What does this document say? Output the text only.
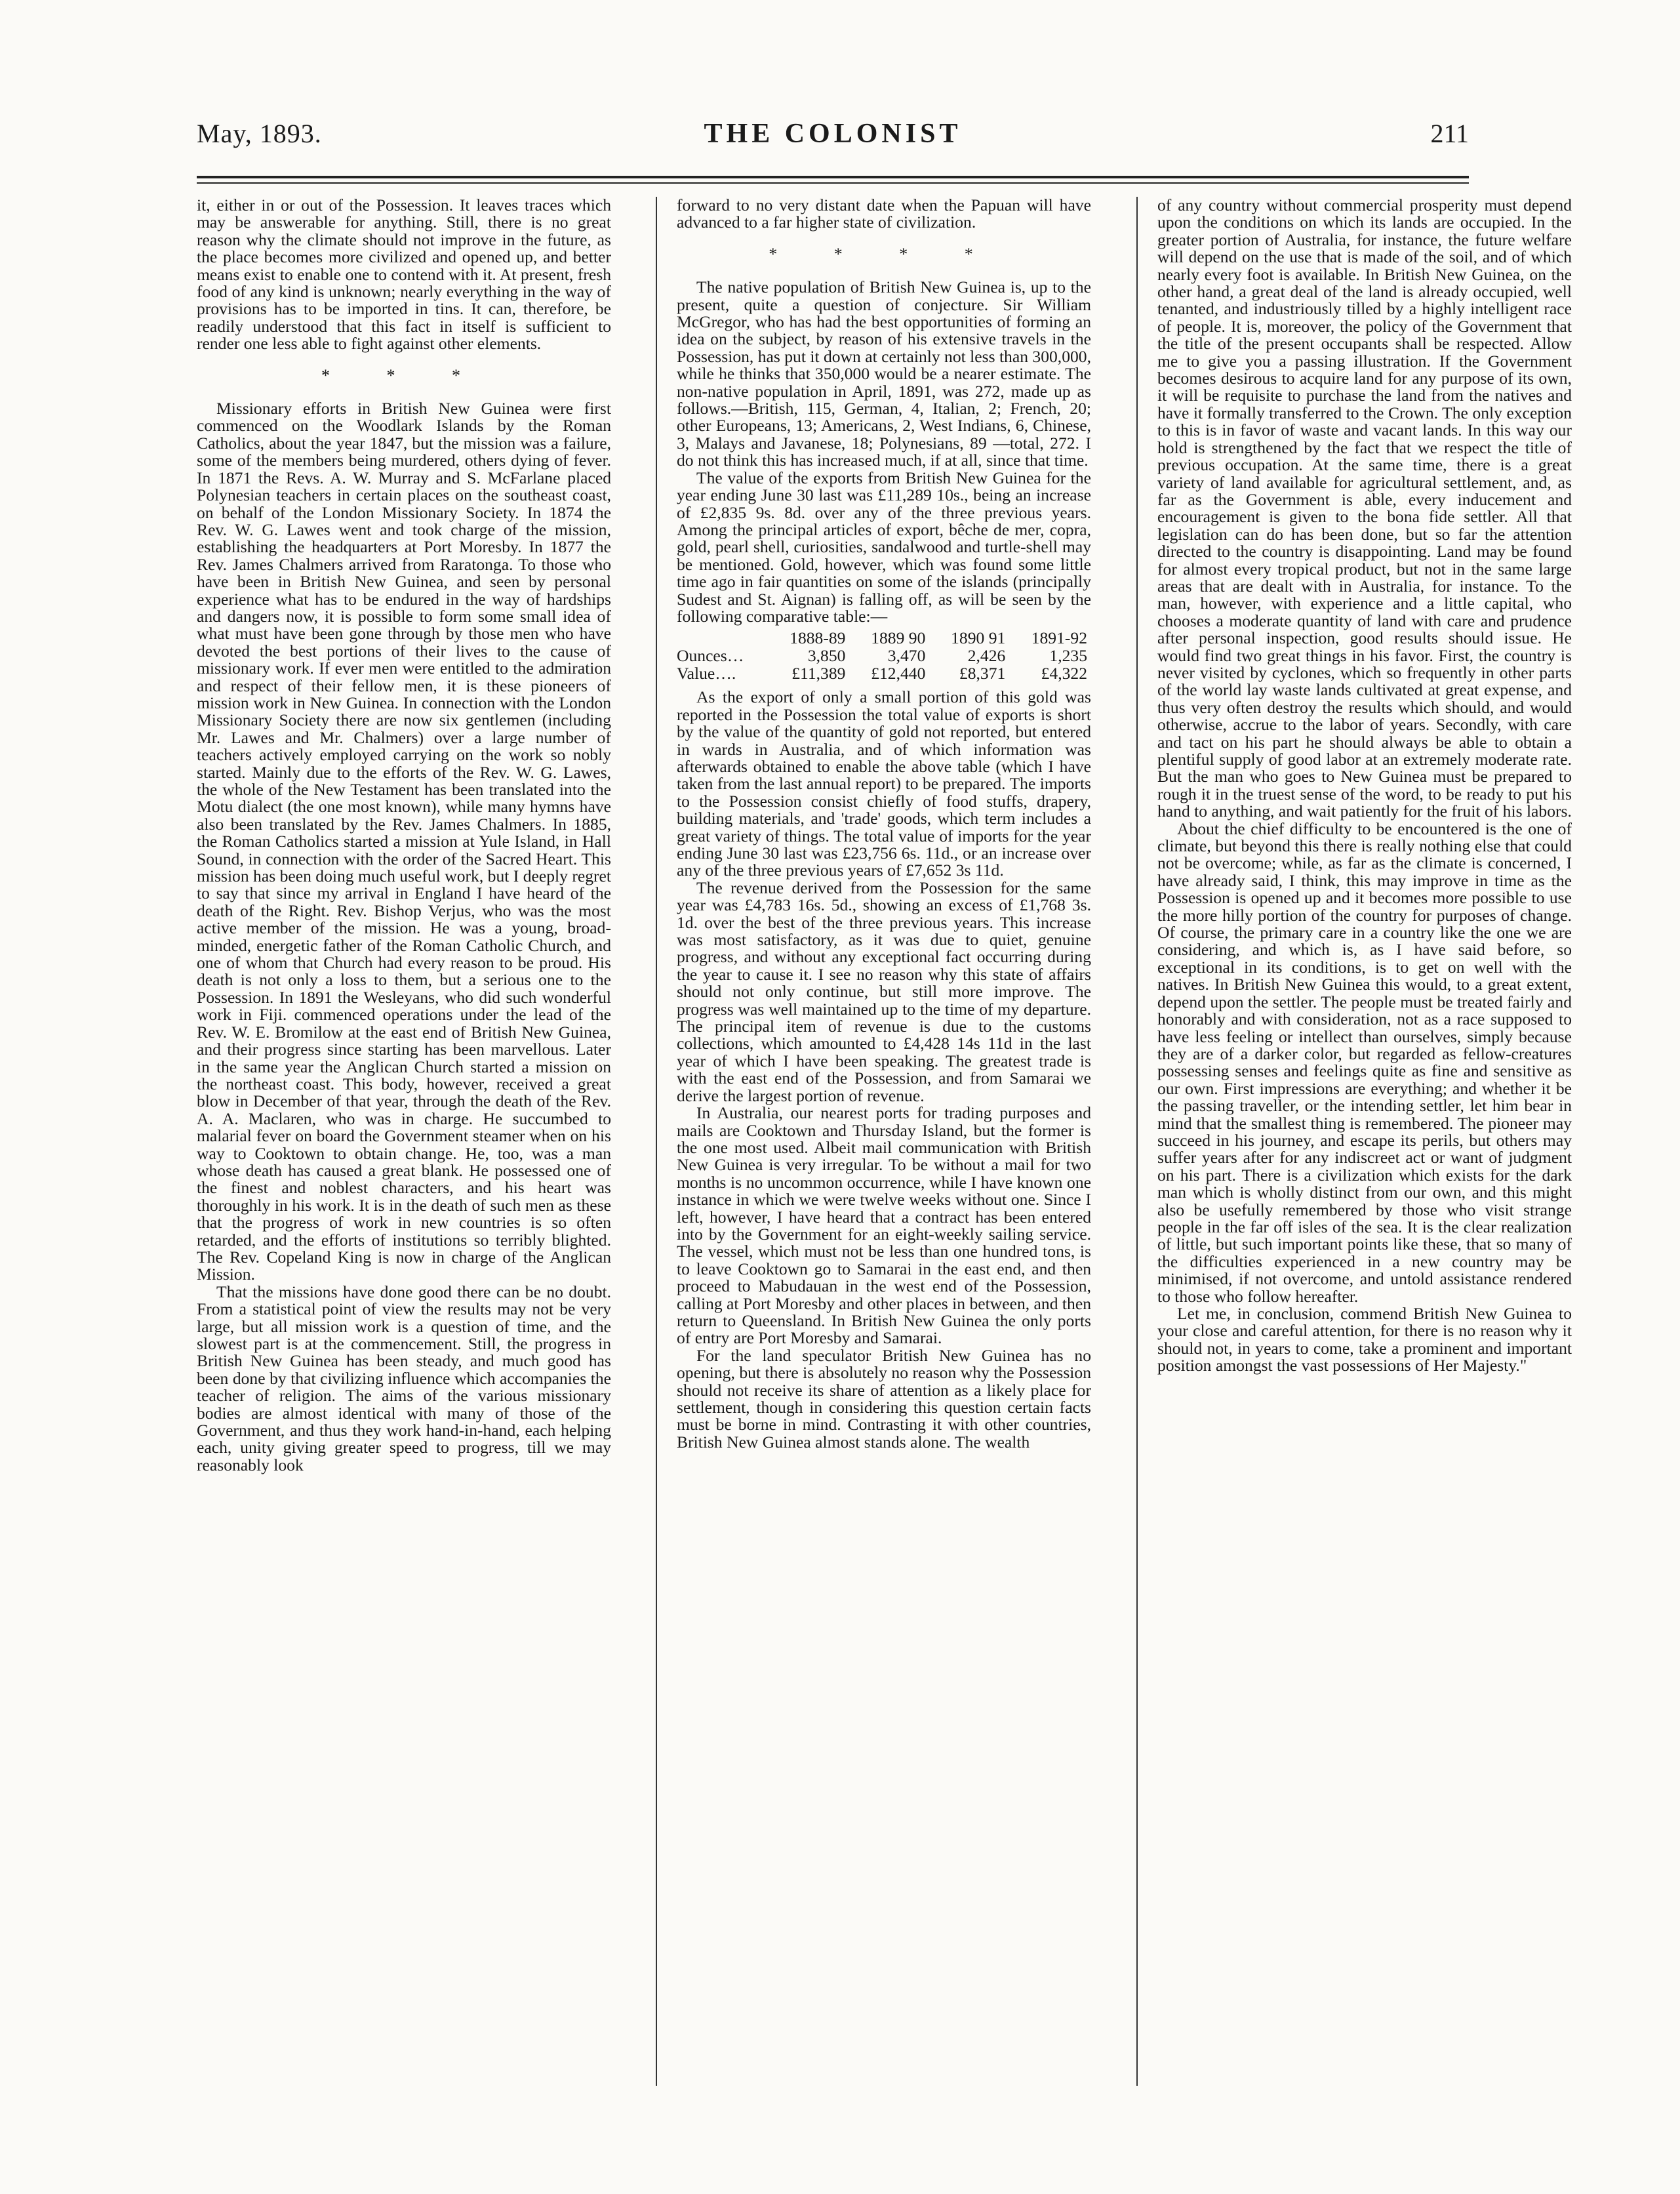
May, 1893.	THE COLONIST	211

it, either in or out of the Possession. It leaves traces which may be answerable for anything. Still, there is no great reason why the climate should not improve in the future, as the place becomes more civilized and opened up, and better means exist to enable one to contend with it. At present, fresh food of any kind is unknown; nearly everything in the way of provisions has to be imported in tins. It can, therefore, be readily understood that this fact in itself is sufficient to render one less able to fight against other elements.

* * *

Missionary efforts in British New Guinea were first commenced on the Woodlark Islands by the Roman Catholics, about the year 1847, but the mission was a failure, some of the members being murdered, others dying of fever. In 1871 the Revs. A. W. Murray and S. McFarlane placed Polynesian teachers in certain places on the southeast coast, on behalf of the London Missionary Society. In 1874 the Rev. W. G. Lawes went and took charge of the mission, establishing the headquarters at Port Moresby. In 1877 the Rev. James Chalmers arrived from Raratonga. To those who have been in British New Guinea, and seen by personal experience what has to be endured in the way of hardships and dangers now, it is possible to form some small idea of what must have been gone through by those men who have devoted the best portions of their lives to the cause of missionary work. If ever men were entitled to the admiration and respect of their fellow men, it is these pioneers of mission work in New Guinea. In connection with the London Missionary Society there are now six gentlemen (including Mr. Lawes and Mr. Chalmers) over a large number of teachers actively employed carrying on the work so nobly started. Mainly due to the efforts of the Rev. W. G. Lawes, the whole of the New Testament has been translated into the Motu dialect (the one most known), while many hymns have also been translated by the Rev. James Chalmers. In 1885, the Roman Catholics started a mission at Yule Island, in Hall Sound, in connection with the order of the Sacred Heart. This mission has been doing much useful work, but I deeply regret to say that since my arrival in England I have heard of the death of the Right. Rev. Bishop Verjus, who was the most active member of the mission. He was a young, broad-minded, energetic father of the Roman Catholic Church, and one of whom that Church had every reason to be proud. His death is not only a loss to them, but a serious one to the Possession. In 1891 the Wesleyans, who did such wonderful work in Fiji. commenced operations under the lead of the Rev. W. E. Bromilow at the east end of British New Guinea, and their progress since starting has been marvellous. Later in the same year the Anglican Church started a mission on the northeast coast. This body, however, received a great blow in December of that year, through the death of the Rev. A. A. Maclaren, who was in charge. He succumbed to malarial fever on board the Government steamer when on his way to Cooktown to obtain change. He, too, was a man whose death has caused a great blank. He possessed one of the finest and noblest characters, and his heart was thoroughly in his work. It is in the death of such men as these that the progress of work in new countries is so often retarded, and the efforts of institutions so terribly blighted. The Rev. Copeland King is now in charge of the Anglican Mission.

That the missions have done good there can be no doubt. From a statistical point of view the results may not be very large, but all mission work is a question of time, and the slowest part is at the commencement. Still, the progress in British New Guinea has been steady, and much good has been done by that civilizing influence which accompanies the teacher of religion. The aims of the various missionary bodies are almost identical with many of those of the Government, and thus they work hand-in-hand, each helping each, unity giving greater speed to progress, till we may reasonably look

forward to no very distant date when the Papuan will have advanced to a far higher state of civilization.

* * * *

The native population of British New Guinea is, up to the present, quite a question of conjecture. Sir William McGregor, who has had the best opportunities of forming an idea on the subject, by reason of his extensive travels in the Possession, has put it down at certainly not less than 300,000, while he thinks that 350,000 would be a nearer estimate. The non-native population in April, 1891, was 272, made up as follows.—British, 115, German, 4, Italian, 2; French, 20; other Europeans, 13; Americans, 2, West Indians, 6, Chinese, 3, Malays and Javanese, 18; Polynesians, 89 —total, 272. I do not think this has increased much, if at all, since that time.

The value of the exports from British New Guinea for the year ending June 30 last was £11,289 10s., being an increase of £2,835 9s. 8d. over any of the three previous years. Among the principal articles of export, bêche de mer, copra, gold, pearl shell, curiosities, sandalwood and turtle-shell may be mentioned. Gold, however, which was found some little time ago in fair quantities on some of the islands (principally Sudest and St. Aignan) is falling off, as will be seen by the following comparative table:—

	1888-89	1889 90	1890 91	1891-92
Ounces…	3,850	3,470	2,426	1,235
Value….	£11,389	£12,440	£8,371	£4,322

As the export of only a small portion of this gold was reported in the Possession the total value of exports is short by the value of the quantity of gold not reported, but entered in wards in Australia, and of which information was afterwards obtained to enable the above table (which I have taken from the last annual report) to be prepared. The imports to the Possession consist chiefly of food stuffs, drapery, building materials, and 'trade' goods, which term includes a great variety of things. The total value of imports for the year ending June 30 last was £23,756 6s. 11d., or an increase over any of the three previous years of £7,652 3s 11d.

The revenue derived from the Possession for the same year was £4,783 16s. 5d., showing an excess of £1,768 3s. 1d. over the best of the three previous years. This increase was most satisfactory, as it was due to quiet, genuine progress, and without any exceptional fact occurring during the year to cause it. I see no reason why this state of affairs should not only continue, but still more improve. The progress was well maintained up to the time of my departure. The principal item of revenue is due to the customs collections, which amounted to £4,428 14s 11d in the last year of which I have been speaking. The greatest trade is with the east end of the Possession, and from Samarai we derive the largest portion of revenue.

In Australia, our nearest ports for trading purposes and mails are Cooktown and Thursday Island, but the former is the one most used. Albeit mail communication with British New Guinea is very irregular. To be without a mail for two months is no uncommon occurrence, while I have known one instance in which we were twelve weeks without one. Since I left, however, I have heard that a contract has been entered into by the Government for an eight-weekly sailing service. The vessel, which must not be less than one hundred tons, is to leave Cooktown go to Samarai in the east end, and then proceed to Mabudauan in the west end of the Possession, calling at Port Moresby and other places in between, and then return to Queensland. In British New Guinea the only ports of entry are Port Moresby and Samarai.

For the land speculator British New Guinea has no opening, but there is absolutely no reason why the Possession should not receive its share of attention as a likely place for settlement, though in considering this question certain facts must be borne in mind. Contrasting it with other countries, British New Guinea almost stands alone. The wealth

of any country without commercial prosperity must depend upon the conditions on which its lands are occupied. In the greater portion of Australia, for instance, the future welfare will depend on the use that is made of the soil, and of which nearly every foot is available. In British New Guinea, on the other hand, a great deal of the land is already occupied, well tenanted, and industriously tilled by a highly intelligent race of people. It is, moreover, the policy of the Government that the title of the present occupants shall be respected. Allow me to give you a passing illustration. If the Government becomes desirous to acquire land for any purpose of its own, it will be requisite to purchase the land from the natives and have it formally transferred to the Crown. The only exception to this is in favor of waste and vacant lands. In this way our hold is strengthened by the fact that we respect the title of previous occupation. At the same time, there is a great variety of land available for agricultural settlement, and, as far as the Government is able, every inducement and encouragement is given to the bona fide settler. All that legislation can do has been done, but so far the attention directed to the country is disappointing. Land may be found for almost every tropical product, but not in the same large areas that are dealt with in Australia, for instance. To the man, however, with experience and a little capital, who chooses a moderate quantity of land with care and prudence after personal inspection, good results should issue. He would find two great things in his favor. First, the country is never visited by cyclones, which so frequently in other parts of the world lay waste lands cultivated at great expense, and thus very often destroy the results which should, and would otherwise, accrue to the labor of years. Secondly, with care and tact on his part he should always be able to obtain a plentiful supply of good labor at an extremely moderate rate. But the man who goes to New Guinea must be prepared to rough it in the truest sense of the word, to be ready to put his hand to anything, and wait patiently for the fruit of his labors.

About the chief difficulty to be encountered is the one of climate, but beyond this there is really nothing else that could not be overcome; while, as far as the climate is concerned, I have already said, I think, this may improve in time as the Possession is opened up and it becomes more possible to use the more hilly portion of the country for purposes of change. Of course, the primary care in a country like the one we are considering, and which is, as I have said before, so exceptional in its conditions, is to get on well with the natives. In British New Guinea this would, to a great extent, depend upon the settler. The people must be treated fairly and honorably and with consideration, not as a race supposed to have less feeling or intellect than ourselves, simply because they are of a darker color, but regarded as fellow-creatures possessing senses and feelings quite as fine and sensitive as our own. First impressions are everything; and whether it be the passing traveller, or the intending settler, let him bear in mind that the smallest thing is remembered. The pioneer may succeed in his journey, and escape its perils, but others may suffer years after for any indiscreet act or want of judgment on his part. There is a civilization which exists for the dark man which is wholly distinct from our own, and this might also be usefully remembered by those who visit strange people in the far off isles of the sea. It is the clear realization of little, but such important points like these, that so many of the difficulties experienced in a new country may be minimised, if not overcome, and untold assistance rendered to those who follow hereafter.

Let me, in conclusion, commend British New Guinea to your close and careful attention, for there is no reason why it should not, in years to come, take a prominent and important position amongst the vast possessions of Her Majesty."
